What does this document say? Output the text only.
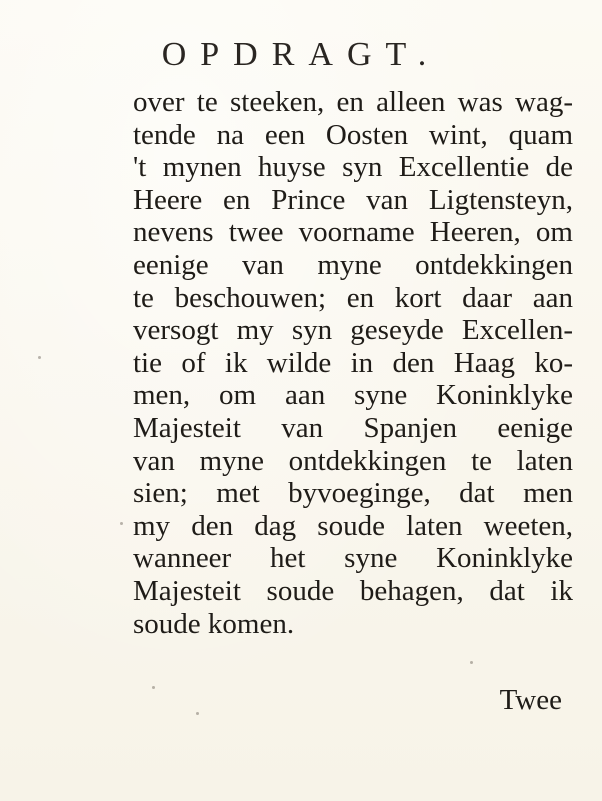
OPDRAGT.
over te steeken, en alleen was wag-
tende na een Oosten wint, quam
't mynen huyse syn Excellentie de
Heere en Prince van Ligtensteyn,
nevens twee voorname Heeren, om
eenige van myne ontdekkingen
te beschouwen; en kort daar aan
versogt my syn geseyde Excellen-
tie of ik wilde in den Haag ko-
men, om aan syne Koninklyke
Majesteit van Spanjen eenige
van myne ontdekkingen te laten
sien; met byvoeginge, dat men
my den dag soude laten weeten,
wanneer het syne Koninklyke
Majesteit soude behagen, dat ik
soude komen.
Twee
